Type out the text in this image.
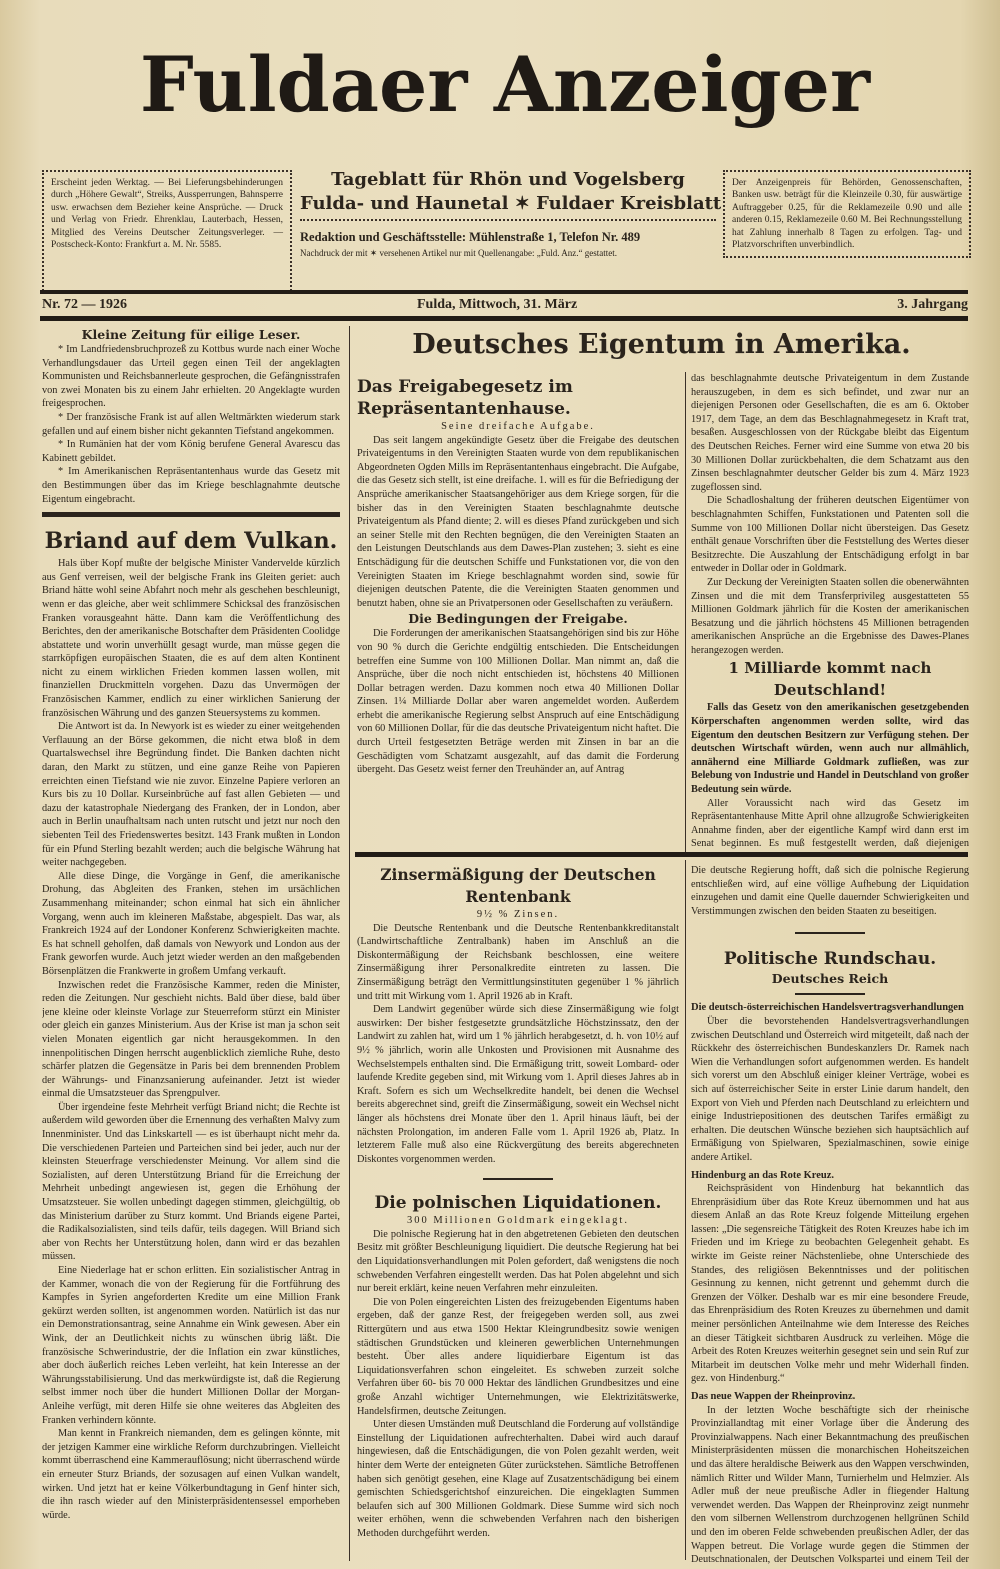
Fuldaer Anzeiger
Erscheint jeden Werktag. — Bei Lieferungsbehinderungen durch „Höhere Gewalt“, Streiks, Aussperrungen, Bahnsperre usw. erwachsen dem Bezieher keine Ansprüche. — Druck und Verlag von Friedr. Ehrenklau, Lauterbach, Hessen, Mitglied des Vereins Deutscher Zeitungsverleger. — Postscheck-Konto: Frankfurt a. M. Nr. 5585.
Tageblatt für Rhön und Vogelsberg
Fulda- und Haunetal ✶ Fuldaer Kreisblatt
Redaktion und Geschäftsstelle: Mühlenstraße 1, Telefon Nr. 489
Nachdruck der mit ✶ versehenen Artikel nur mit Quellenangabe: „Fuld. Anz.“ gestattet.
Der Anzeigenpreis für Behörden, Genossenschaften, Banken usw. beträgt für die Kleinzeile 0.30, für auswärtige Auftraggeber 0.25, für die Reklamezeile 0.90 und alle anderen 0.15, Reklamezeile 0.60 M. Bei Rechnungsstellung hat Zahlung innerhalb 8 Tagen zu erfolgen. Tag- und Platzvorschriften unverbindlich.
Nr. 72 — 1926	Fulda, Mittwoch, 31. März	3. Jahrgang
Kleine Zeitung für eilige Leser.

* Im Landfriedensbruchprozeß zu Kottbus wurde nach einer Woche Verhandlungsdauer das Urteil gegen einen Teil der angeklagten Kommunisten und Reichsbannerleute gesprochen, die Gefängnisstrafen von zwei Monaten bis zu einem Jahr erhielten. 20 Angeklagte wurden freigesprochen.

* Der französische Frank ist auf allen Weltmärkten wiederum stark gefallen und auf einem bisher nicht gekannten Tiefstand angekommen.

* In Rumänien hat der vom König berufene General Avarescu das Kabinett gebildet.

* Im Amerikanischen Repräsentantenhaus wurde das Gesetz mit den Bestimmungen über das im Kriege beschlagnahmte deutsche Eigentum eingebracht.

Briand auf dem Vulkan.

Hals über Kopf mußte der belgische Minister Vandervelde kürzlich aus Genf verreisen, weil der belgische Frank ins Gleiten geriet: auch Briand hätte wohl seine Abfahrt noch mehr als geschehen beschleunigt, wenn er das gleiche, aber weit schlimmere Schicksal des französischen Franken vorausgeahnt hätte. Dann kam die Veröffentlichung des Berichtes, den der amerikanische Botschafter dem Präsidenten Coolidge abstattete und worin unverhüllt gesagt wurde, man müsse gegen die starrköpfigen europäischen Staaten, die es auf dem alten Kontinent nicht zu einem wirklichen Frieden kommen lassen wollen, mit finanziellen Druckmitteln vorgehen. Dazu das Unvermögen der Französischen Kammer, endlich zu einer wirklichen Sanierung der französischen Währung und des ganzen Steuersystems zu kommen.

Die Antwort ist da. In Newyork ist es wieder zu einer weitgehenden Verflauung an der Börse gekommen, die nicht etwa bloß in dem Quartalswechsel ihre Begründung findet. Die Banken dachten nicht daran, den Markt zu stützen, und eine ganze Reihe von Papieren erreichten einen Tiefstand wie nie zuvor. Einzelne Papiere verloren an Kurs bis zu 10 Dollar. Kurseinbrüche auf fast allen Gebieten — und dazu der katastrophale Niedergang des Franken, der in London, aber auch in Berlin unaufhaltsam nach unten rutscht und jetzt nur noch den siebenten Teil des Friedenswertes besitzt. 143 Frank mußten in London für ein Pfund Sterling bezahlt werden; auch die belgische Währung hat weiter nachgegeben.

Alle diese Dinge, die Vorgänge in Genf, die amerikanische Drohung, das Abgleiten des Franken, stehen im ursächlichen Zusammenhang miteinander; schon einmal hat sich ein ähnlicher Vorgang, wenn auch im kleineren Maßstabe, abgespielt. Das war, als Frankreich 1924 auf der Londoner Konferenz Schwierigkeiten machte. Es hat schnell geholfen, daß damals von Newyork und London aus der Frank geworfen wurde. Auch jetzt wieder werden an den maßgebenden Börsenplätzen die Frankwerte in großem Umfang verkauft.

Inzwischen redet die Französische Kammer, reden die Minister, reden die Zeitungen. Nur geschieht nichts. Bald über diese, bald über jene kleine oder kleinste Vorlage zur Steuerreform stürzt ein Minister oder gleich ein ganzes Ministerium. Aus der Krise ist man ja schon seit vielen Monaten eigentlich gar nicht herausgekommen. In den innenpolitischen Dingen herrscht augenblicklich ziemliche Ruhe, desto schärfer platzen die Gegensätze in Paris bei dem brennenden Problem der Währungs- und Finanzsanierung aufeinander. Jetzt ist wieder einmal die Umsatzsteuer das Sprengpulver.

Über irgendeine feste Mehrheit verfügt Briand nicht; die Rechte ist außerdem wild geworden über die Ernennung des verhaßten Malvy zum Innenminister. Und das Linkskartell — es ist überhaupt nicht mehr da. Die verschiedenen Parteien und Parteichen sind bei jeder, auch nur der kleinsten Steuerfrage verschiedenster Meinung. Vor allem sind die Sozialisten, auf deren Unterstützung Briand für die Erreichung der Mehrheit unbedingt angewiesen ist, gegen die Erhöhung der Umsatzsteuer. Sie wollen unbedingt dagegen stimmen, gleichgültig, ob das Ministerium darüber zu Sturz kommt. Und Briands eigene Partei, die Radikalsozialisten, sind teils dafür, teils dagegen. Will Briand sich aber von Rechts her Unterstützung holen, dann wird er das bezahlen müssen.

Eine Niederlage hat er schon erlitten. Ein sozialistischer Antrag in der Kammer, wonach die von der Regierung für die Fortführung des Kampfes in Syrien angeforderten Kredite um eine Million Frank gekürzt werden sollten, ist angenommen worden. Natürlich ist das nur ein Demonstrationsantrag, seine Annahme ein Wink gewesen. Aber ein Wink, der an Deutlichkeit nichts zu wünschen übrig läßt. Die französische Schwerindustrie, der die Inflation ein zwar künstliches, aber doch äußerlich reiches Leben verleiht, hat kein Interesse an der Währungsstabilisierung. Und das merkwürdigste ist, daß die Regierung selbst immer noch über die hundert Millionen Dollar der Morgan-Anleihe verfügt, mit deren Hilfe sie ohne weiteres das Abgleiten des Franken verhindern könnte.

Man kennt in Frankreich niemanden, dem es gelingen könnte, mit der jetzigen Kammer eine wirkliche Reform durchzubringen. Vielleicht kommt überraschend eine Kammerauflösung; nicht überraschend würde ein erneuter Sturz Briands, der sozusagen auf einen Vulkan wandelt, wirken. Und jetzt hat er keine Völkerbundtagung in Genf hinter sich, die ihn rasch wieder auf den Ministerpräsidentensessel emporheben würde.

Deutsches Eigentum in Amerika.
Das Freigabegesetz im Repräsentantenhause.
Seine dreifache Aufgabe.

Das seit langem angekündigte Gesetz über die Freigabe des deutschen Privateigentums in den Vereinigten Staaten wurde von dem republikanischen Abgeordneten Ogden Mills im Repräsentantenhaus eingebracht. Die Aufgabe, die das Gesetz sich stellt, ist eine dreifache. 1. will es für die Befriedigung der Ansprüche amerikanischer Staatsangehöriger aus dem Kriege sorgen, für die bisher das in den Vereinigten Staaten beschlagnahmte deutsche Privateigentum als Pfand diente; 2. will es dieses Pfand zurückgeben und sich an seiner Stelle mit den Rechten begnügen, die den Vereinigten Staaten an den Leistungen Deutschlands aus dem Dawes-Plan zustehen; 3. sieht es eine Entschädigung für die deutschen Schiffe und Funkstationen vor, die von den Vereinigten Staaten im Kriege beschlagnahmt worden sind, sowie für diejenigen deutschen Patente, die die Vereinigten Staaten genommen und benutzt haben, ohne sie an Privatpersonen oder Gesellschaften zu veräußern.

Die Bedingungen der Freigabe.

Die Forderungen der amerikanischen Staatsangehörigen sind bis zur Höhe von 90 % durch die Gerichte endgültig entschieden. Die Entscheidungen betreffen eine Summe von 100 Millionen Dollar. Man nimmt an, daß die Ansprüche, über die noch nicht entschieden ist, höchstens 40 Millionen Dollar betragen werden. Dazu kommen noch etwa 40 Millionen Dollar Zinsen. 1¼ Milliarde Dollar aber waren angemeldet worden. Außerdem erhebt die amerikanische Regierung selbst Anspruch auf eine Entschädigung von 60 Millionen Dollar, für die das deutsche Privateigentum nicht haftet. Die durch Urteil festgesetzten Beträge werden mit Zinsen in bar an die Geschädigten vom Schatzamt ausgezahlt, auf das damit die Forderung übergeht. Das Gesetz weist ferner den Treuhänder an, auf Antrag

das beschlagnahmte deutsche Privateigentum in dem Zustande herauszugeben, in dem es sich befindet, und zwar nur an diejenigen Personen oder Gesellschaften, die es am 6. Oktober 1917, dem Tage, an dem das Beschlagnahmegesetz in Kraft trat, besaßen. Ausgeschlossen von der Rückgabe bleibt das Eigentum des Deutschen Reiches. Ferner wird eine Summe von etwa 20 bis 30 Millionen Dollar zurückbehalten, die dem Schatzamt aus den Zinsen beschlagnahmter deutscher Gelder bis zum 4. März 1923 zugeflossen sind.

Die Schadloshaltung der früheren deutschen Eigentümer von beschlagnahmten Schiffen, Funkstationen und Patenten soll die Summe von 100 Millionen Dollar nicht übersteigen. Das Gesetz enthält genaue Vorschriften über die Feststellung des Wertes dieser Besitzrechte. Die Auszahlung der Entschädigung erfolgt in bar entweder in Dollar oder in Goldmark.

Zur Deckung der Vereinigten Staaten sollen die obenerwähnten Zinsen und die mit dem Transferprivileg ausgestatteten 55 Millionen Goldmark jährlich für die Kosten der amerikanischen Besatzung und die jährlich höchstens 45 Millionen betragenden amerikanischen Ansprüche an die Ergebnisse des Dawes-Planes herangezogen werden.

1 Milliarde kommt nach Deutschland!

Falls das Gesetz von den amerikanischen gesetzgebenden Körperschaften angenommen werden sollte, wird das Eigentum den deutschen Besitzern zur Verfügung stehen. Der deutschen Wirtschaft würden, wenn auch nur allmählich, annähernd eine Milliarde Goldmark zufließen, was zur Belebung von Industrie und Handel in Deutschland von großer Bedeutung sein würde.

Aller Voraussicht nach wird das Gesetz im Repräsentantenhause Mitte April ohne allzugroße Schwierigkeiten Annahme finden, aber der eigentliche Kampf wird dann erst im Senat beginnen. Es muß festgestellt werden, daß diejenigen

Zinsermäßigung der Deutschen Rentenbank
9½ % Zinsen.

Die Deutsche Rentenbank und die Deutsche Rentenbankkreditanstalt (Landwirtschaftliche Zentralbank) haben im Anschluß an die Diskontermäßigung der Reichsbank beschlossen, eine weitere Zinsermäßigung ihrer Personalkredite eintreten zu lassen. Die Zinsermäßigung beträgt den Vermittlungsinstituten gegenüber 1 % jährlich und tritt mit Wirkung vom 1. April 1926 ab in Kraft.

Dem Landwirt gegenüber würde sich diese Zinsermäßigung wie folgt auswirken: Der bisher festgesetzte grundsätzliche Höchstzinssatz, den der Landwirt zu zahlen hat, wird um 1 % jährlich herabgesetzt, d. h. von 10½ auf 9½ % jährlich, worin alle Unkosten und Provisionen mit Ausnahme des Wechselstempels enthalten sind. Die Ermäßigung tritt, soweit Lombard- oder laufende Kredite gegeben sind, mit Wirkung vom 1. April dieses Jahres ab in Kraft. Sofern es sich um Wechselkredite handelt, bei denen die Wechsel bereits abgerechnet sind, greift die Zinsermäßigung, soweit ein Wechsel nicht länger als höchstens drei Monate über den 1. April hinaus läuft, bei der nächsten Prolongation, im anderen Falle vom 1. April 1926 ab, Platz. In letzterem Falle muß also eine Rückvergütung des bereits abgerechneten Diskontes vorgenommen werden.

Die polnischen Liquidationen.
300 Millionen Goldmark eingeklagt.

Die polnische Regierung hat in den abgetretenen Gebieten den deutschen Besitz mit größter Beschleunigung liquidiert. Die deutsche Regierung hat bei den Liquidationsverhandlungen mit Polen gefordert, daß wenigstens die noch schwebenden Verfahren eingestellt werden. Das hat Polen abgelehnt und sich nur bereit erklärt, keine neuen Verfahren mehr einzuleiten.

Die von Polen eingereichten Listen des freizugebenden Eigentums haben ergeben, daß der ganze Rest, der freigegeben werden soll, aus zwei Rittergütern und aus etwa 1500 Hektar Kleingrundbesitz sowie wenigen städtischen Grundstücken und kleineren gewerblichen Unternehmungen besteht. Über alles andere liquidierbare Eigentum ist das Liquidationsverfahren schon eingeleitet. Es schweben zurzeit solche Verfahren über 60- bis 70 000 Hektar des ländlichen Grundbesitzes und eine große Anzahl wichtiger Unternehmungen, wie Elektrizitätswerke, Handelsfirmen, deutsche Zeitungen.

Unter diesen Umständen muß Deutschland die Forderung auf vollständige Einstellung der Liquidationen aufrechterhalten. Dabei wird auch darauf hingewiesen, daß die Entschädigungen, die von Polen gezahlt werden, weit hinter dem Werte der enteigneten Güter zurückstehen. Sämtliche Betroffenen haben sich genötigt gesehen, eine Klage auf Zusatzentschädigung bei einem gemischten Schiedsgerichtshof einzureichen. Die eingeklagten Summen belaufen sich auf 300 Millionen Goldmark. Diese Summe wird sich noch weiter erhöhen, wenn die schwebenden Verfahren nach den bisherigen Methoden durchgeführt werden.

Die deutsche Regierung hofft, daß sich die polnische Regierung entschließen wird, auf eine völlige Aufhebung der Liquidation einzugehen und damit eine Quelle dauernder Schwierigkeiten und Verstimmungen zwischen den beiden Staaten zu beseitigen.

Politische Rundschau.
Deutsches Reich
Die deutsch-österreichischen Handelsvertragsverhandlungen

Über die bevorstehenden Handelsvertragsverhandlungen zwischen Deutschland und Österreich wird mitgeteilt, daß nach der Rückkehr des österreichischen Bundeskanzlers Dr. Ramek nach Wien die Verhandlungen sofort aufgenommen werden. Es handelt sich vorerst um den Abschluß einiger kleiner Verträge, wobei es sich auf österreichischer Seite in erster Linie darum handelt, den Export von Vieh und Pferden nach Deutschland zu erleichtern und einige Industriepositionen des deutschen Tarifes ermäßigt zu erhalten. Die deutschen Wünsche beziehen sich hauptsächlich auf Ermäßigung von Spielwaren, Spezialmaschinen, sowie einige andere Artikel.

Hindenburg an das Rote Kreuz.

Reichspräsident von Hindenburg hat bekanntlich das Ehrenpräsidium über das Rote Kreuz übernommen und hat aus diesem Anlaß an das Rote Kreuz folgende Mitteilung ergehen lassen: „Die segensreiche Tätigkeit des Roten Kreuzes habe ich im Frieden und im Kriege zu beobachten Gelegenheit gehabt. Es wirkte im Geiste reiner Nächstenliebe, ohne Unterschiede des Standes, des religiösen Bekenntnisses und der politischen Gesinnung zu kennen, nicht getrennt und gehemmt durch die Grenzen der Völker. Deshalb war es mir eine besondere Freude, das Ehrenpräsidium des Roten Kreuzes zu übernehmen und damit meiner persönlichen Anteilnahme wie dem Interesse des Reiches an dieser Tätigkeit sichtbaren Ausdruck zu verleihen. Möge die Arbeit des Roten Kreuzes weiterhin gesegnet sein und sein Ruf zur Mitarbeit im deutschen Volke mehr und mehr Widerhall finden. gez. von Hindenburg.“

Das neue Wappen der Rheinprovinz.

In der letzten Woche beschäftigte sich der rheinische Provinziallandtag mit einer Vorlage über die Änderung des Provinzialwappens. Nach einer Bekanntmachung des preußischen Ministerpräsidenten müssen die monarchischen Hoheitszeichen und das ältere heraldische Beiwerk aus den Wappen verschwinden, nämlich Ritter und Wilder Mann, Turnierhelm und Helmzier. Als Adler muß der neue preußische Adler in fliegender Haltung verwendet werden. Das Wappen der Rheinprovinz zeigt nunmehr den vom silbernen Wellenstrom durchzogenen hellgrünen Schild und den im oberen Felde schwebenden preußischen Adler, der das Wappen betreut. Die Vorlage wurde gegen die Stimmen der Deutschnationalen, der Deutschen Volkspartei und einem Teil der
